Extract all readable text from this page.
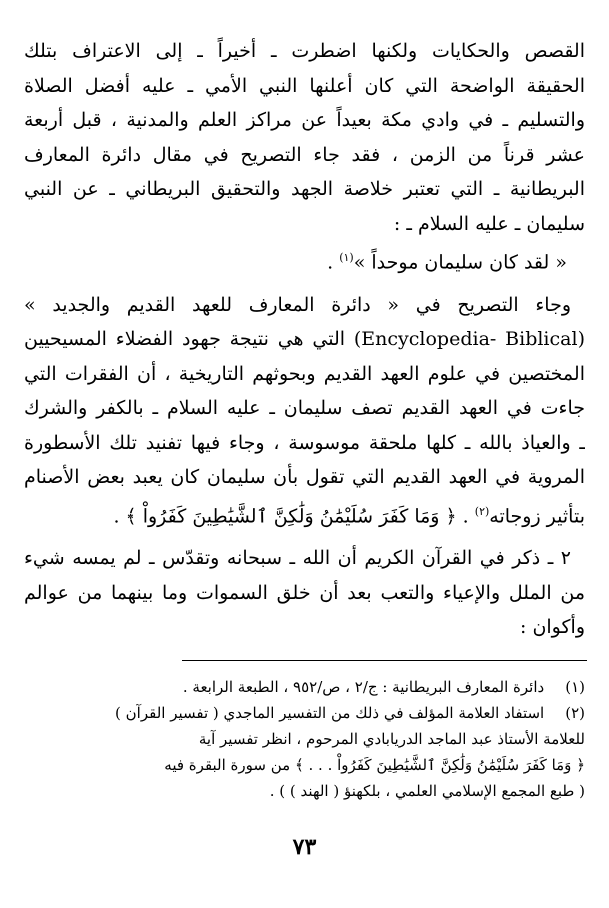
القصص والحكايات ولكنها اضطرت ـ أخيراً ـ إلى الاعتراف بتلك
الحقيقة الواضحة التي كان أعلنها النبي الأمي ـ عليه أفضل الصلاة
والتسليم ـ في وادي مكة بعيداً عن مراكز العلم والمدنية ، قبل أربعة
عشر قرناً من الزمن ، فقد جاء التصريح في مقال دائرة المعارف
البريطانية ـ التي تعتبر خلاصة الجهد والتحقيق البريطاني ـ عن النبي
سليمان ـ عليه السلام ـ :
« لقد كان سليمان موحداً »$^{(١)}$ .
وجاء التصريح في « دائرة المعارف للعهد القديم والجديد »
(Encyclopedia- Biblical) التي هي نتيجة جهود الفضلاء المسيحيين
المختصين في علوم العهد القديم وبحوثهم التاريخية ، أن الفقرات التي
جاءت في العهد القديم تصف سليمان ـ عليه السلام ـ بالكفر والشرك
ـ والعياذ بالله ـ كلها ملحقة موسوسة ، وجاء فيها تفنيد تلك الأسطورة
المروية في العهد القديم التي تقول بأن سليمان كان يعبد بعض الأصنام
بتأثير زوجاته$^{(٢)}$ . ﴿ وَمَا كَفَرَ سُلَيْمَٰنُ وَلَٰكِنَّ ٱلشَّيَٰطِينَ كَفَرُواْ ﴾ .
٢ ـ ذكر في القرآن الكريم أن الله ـ سبحانه وتقدّس ـ لم يمسه شيء
من الملل والإعياء والتعب بعد أن خلق السموات وما بينهما من عوالم
وأكوان :
(١) دائرة المعارف البريطانية : ج/٢ ، ص/٩٥٢ ، الطبعة الرابعة .
(٢) استفاد العلامة المؤلف في ذلك من التفسير الماجدي ( تفسير القرآن )
للعلامة الأستاذ عبد الماجد الدريابادي المرحوم ، انظر تفسير آية
﴿ وَمَا كَفَرَ سُلَيْمَٰنُ وَلَٰكِنَّ ٱلشَّيَٰطِينَ كَفَرُواْ . . . ﴾ من سورة البقرة فيه
( طبع المجمع الإسلامي العلمي ، بلكهنؤ ( الهند ) ) .
٧٣
